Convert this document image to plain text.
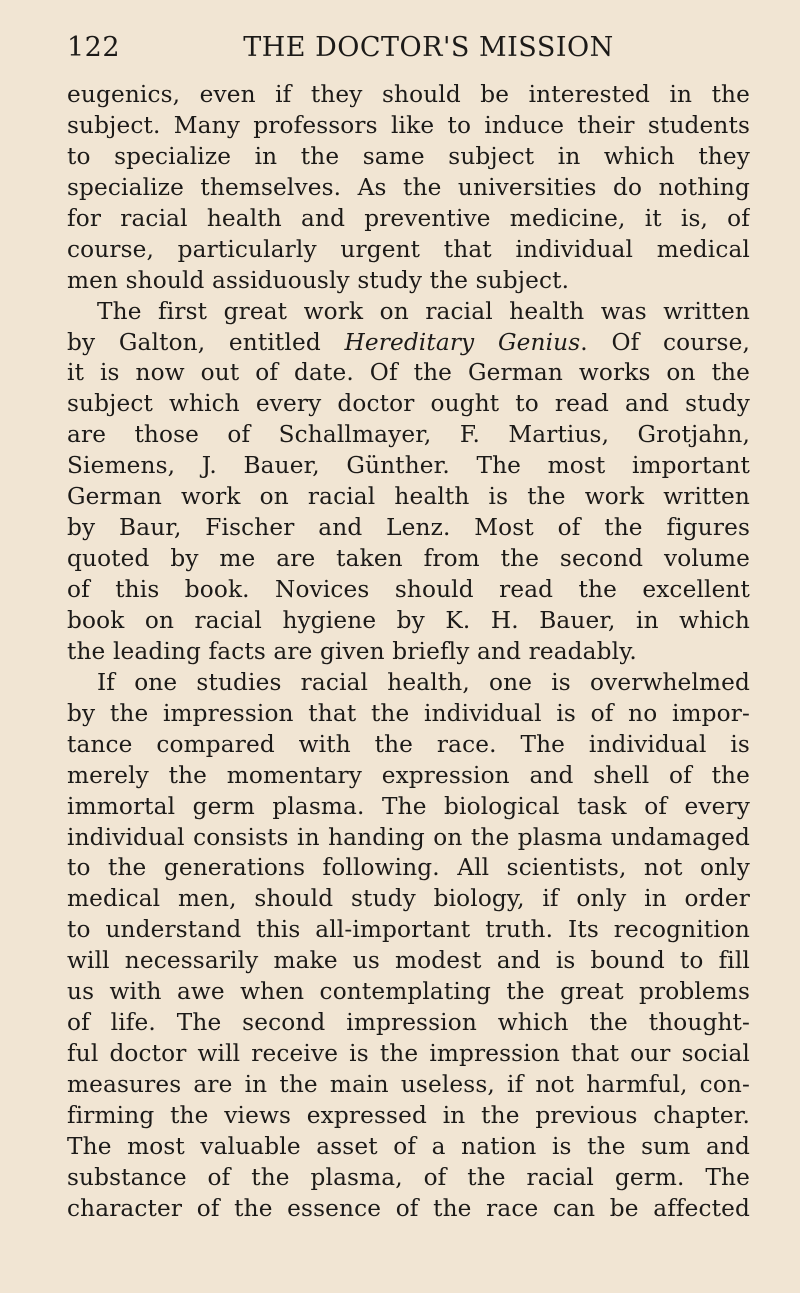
122	THE DOCTOR'S MISSION
eugenics, even if they should be interested in the
subject. Many professors like to induce their students
to specialize in the same subject in which they
specialize themselves. As the universities do nothing
for racial health and preventive medicine, it is, of
course, particularly urgent that individual medical
men should assiduously study the subject.
The first great work on racial health was written
by Galton, entitled Hereditary Genius. Of course,
it is now out of date. Of the German works on the
subject which every doctor ought to read and study
are those of Schallmayer, F. Martius, Grotjahn,
Siemens, J. Bauer, Günther. The most important
German work on racial health is the work written
by Baur, Fischer and Lenz. Most of the figures
quoted by me are taken from the second volume
of this book. Novices should read the excellent
book on racial hygiene by K. H. Bauer, in which
the leading facts are given briefly and readably.
If one studies racial health, one is overwhelmed
by the impression that the individual is of no impor-
tance compared with the race. The individual is
merely the momentary expression and shell of the
immortal germ plasma. The biological task of every
individual consists in handing on the plasma undamaged
to the generations following. All scientists, not only
medical men, should study biology, if only in order
to understand this all-important truth. Its recognition
will necessarily make us modest and is bound to fill
us with awe when contemplating the great problems
of life. The second impression which the thought-
ful doctor will receive is the impression that our social
measures are in the main useless, if not harmful, con-
firming the views expressed in the previous chapter.
The most valuable asset of a nation is the sum and
substance of the plasma, of the racial germ. The
character of the essence of the race can be affected
